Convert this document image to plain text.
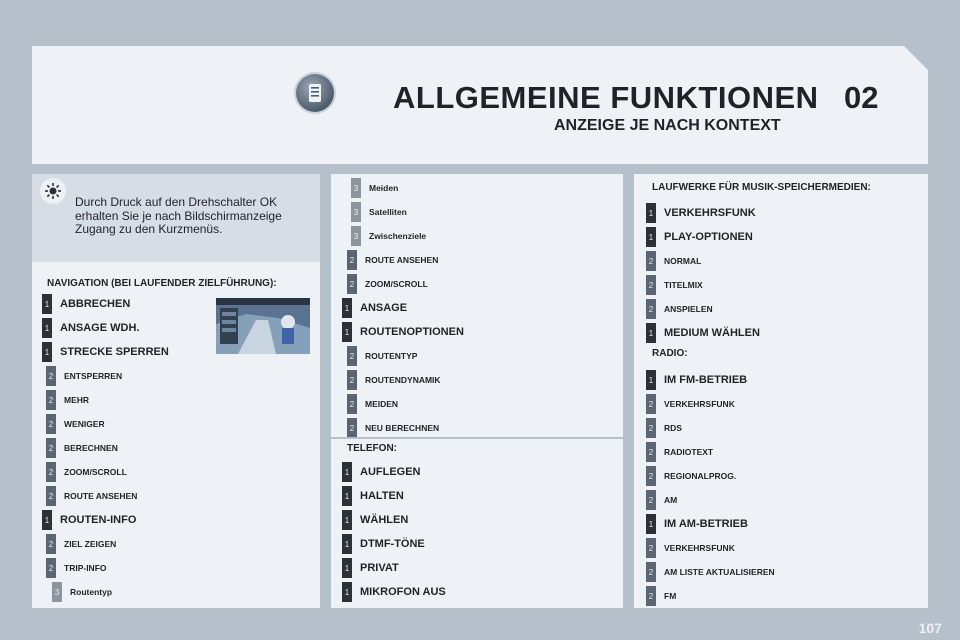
ALLGEMEINE FUNKTIONEN 02
ANZEIGE JE NACH KONTEXT
Durch Druck auf den Drehschalter OK erhalten Sie je nach Bildschirmanzeige Zugang zu den Kurzmenüs.
NAVIGATION (BEI LAUFENDER ZIELFÜHRUNG):
1 ABBRECHEN
1 ANSAGE WDH.
1 STRECKE SPERREN
2	ENTSPERREN
2	MEHR
2	WENIGER
2	BERECHNEN
2	ZOOM/SCROLL
2	ROUTE ANSEHEN
1 ROUTEN-INFO
2	ZIEL ZEIGEN
2	TRIP-INFO
3	Routentyp
3	Meiden
3	Satelliten
3	Zwischenziele
2	ROUTE ANSEHEN
2	ZOOM/SCROLL
1 ANSAGE
1 ROUTENOPTIONEN
2	ROUTENTYP
2	ROUTENDYNAMIK
2	MEIDEN
2	NEU BERECHNEN
TELEFON:
1 AUFLEGEN
1 HALTEN
1 WÄHLEN
1 DTMF-TÖNE
1 PRIVAT
1 MIKROFON AUS
LAUFWERKE FÜR MUSIK-SPEICHERMEDIEN:
1 VERKEHRSFUNK
1 PLAY-OPTIONEN
2	NORMAL
2	TITELMIX
2	ANSPIELEN
1 MEDIUM WÄHLEN
RADIO:
1 IM FM-BETRIEB
2	VERKEHRSFUNK
2	RDS
2	RADIOTEXT
2	REGIONALPROG.
2	AM
1 IM AM-BETRIEB
2	VERKEHRSFUNK
2	AM LISTE AKTUALISIEREN
2	FM
107
